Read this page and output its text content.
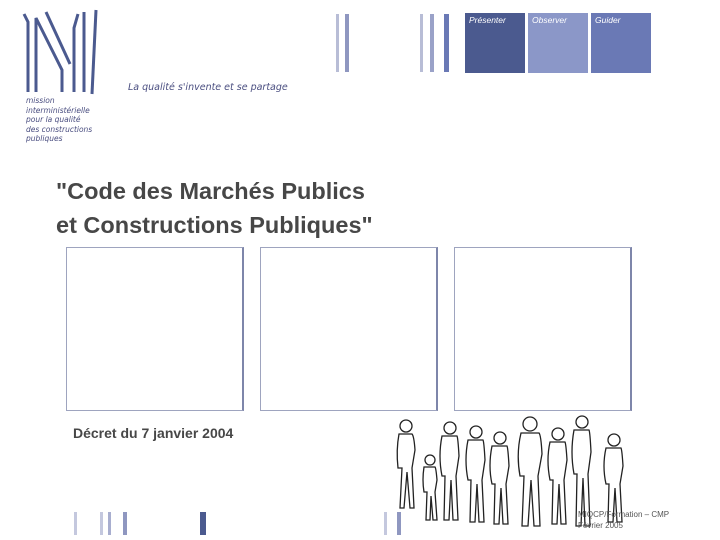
mission
interministérielle
pour la qualité
des constructions
publiques
La qualité s'invente et se partage
Présenter	Observer	Guider
"Code des Marchés Publics
et Constructions Publiques"
Décret du 7 janvier 2004
MIQCP/Formation – CMP
Février 2005
